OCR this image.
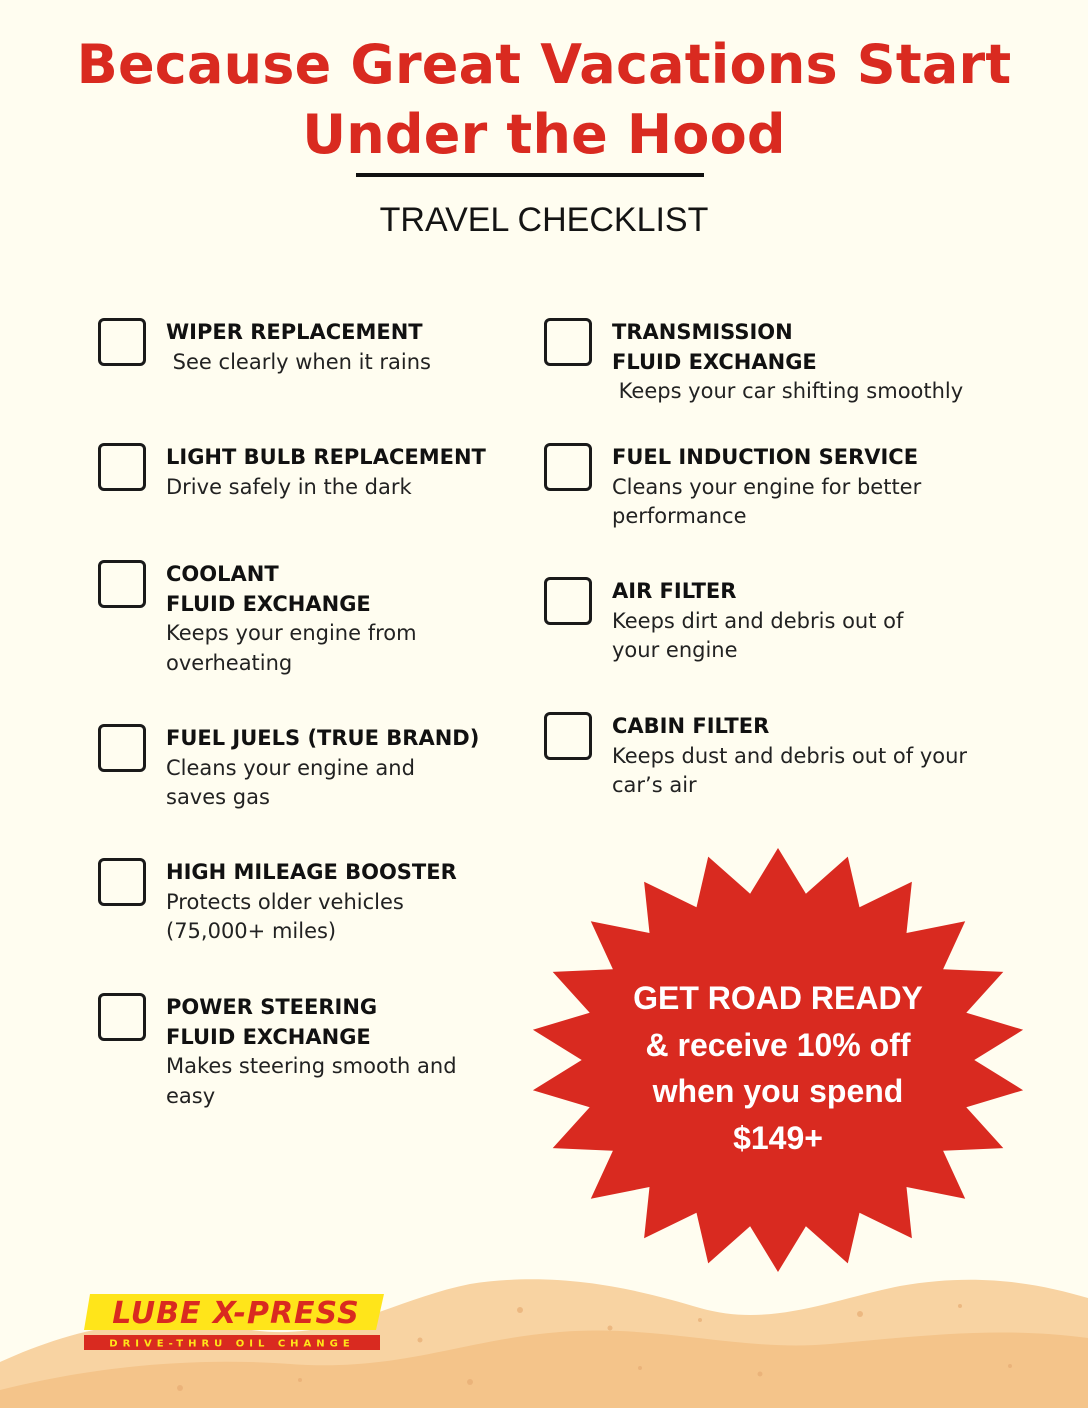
Because Great Vacations Start
Under the Hood
TRAVEL CHECKLIST
WIPER REPLACEMENT
See clearly when it rains
LIGHT BULB REPLACEMENT
Drive safely in the dark
COOLANT
FLUID EXCHANGE
Keeps your engine from
overheating
FUEL JUELS (TRUE BRAND)
Cleans your engine and
saves gas
HIGH MILEAGE BOOSTER
Protects older vehicles
(75,000+ miles)
POWER STEERING
FLUID EXCHANGE
Makes steering smooth and
easy
TRANSMISSION
FLUID EXCHANGE
Keeps your car shifting smoothly
FUEL INDUCTION SERVICE
Cleans your engine for better
performance
AIR FILTER
Keeps dirt and debris out of
your engine
CABIN FILTER
Keeps dust and debris out of your
car’s air
GET ROAD READY
& receive 10% off
when you spend
$149+
LUBE X-PRESS
DRIVE-THRU OIL CHANGE
